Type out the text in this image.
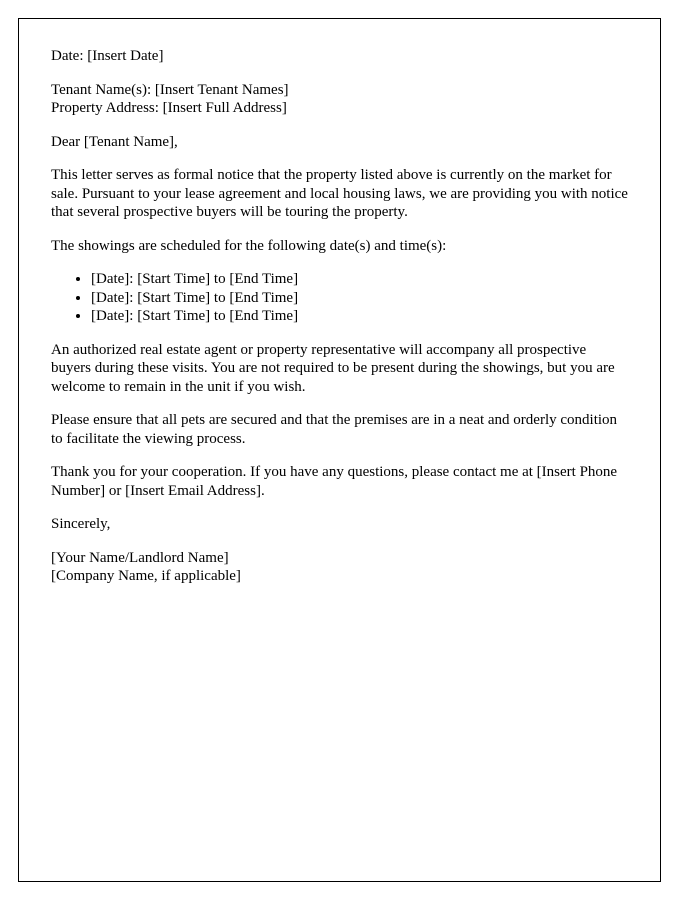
Date: [Insert Date]

Tenant Name(s): [Insert Tenant Names]

Property Address: [Insert Full Address]

Dear [Tenant Name],

This letter serves as formal notice that the property listed above is currently on the market for sale. Pursuant to your lease agreement and local housing laws, we are providing you with notice that several prospective buyers will be touring the property.

The showings are scheduled for the following date(s) and time(s):

• [Date]: [Start Time] to [End Time]
• [Date]: [Start Time] to [End Time]
• [Date]: [Start Time] to [End Time]

An authorized real estate agent or property representative will accompany all prospective buyers during these visits. You are not required to be present during the showings, but you are welcome to remain in the unit if you wish.

Please ensure that all pets are secured and that the premises are in a neat and orderly condition to facilitate the viewing process.

Thank you for your cooperation. If you have any questions, please contact me at [Insert Phone Number] or [Insert Email Address].

Sincerely,

[Your Name/Landlord Name]

[Company Name, if applicable]
